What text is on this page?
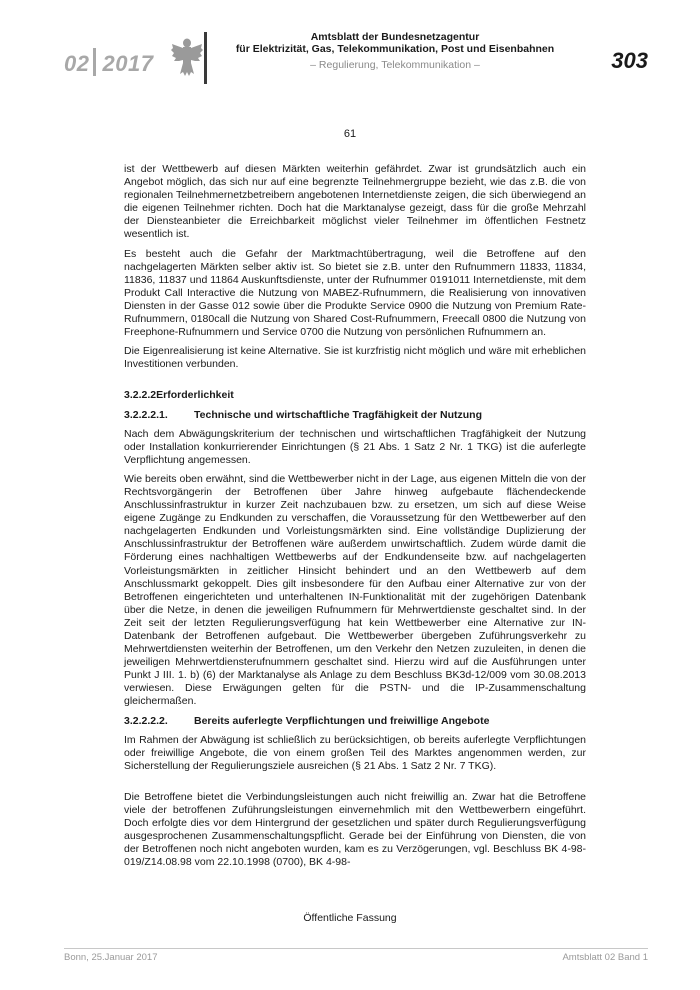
02 2017
Amtsblatt der Bundesnetzagentur
für Elektrizität, Gas, Telekommunikation, Post und Eisenbahnen
– Regulierung, Telekommunikation –	303
61

ist der Wettbewerb auf diesen Märkten weiterhin gefährdet. Zwar ist grundsätzlich auch ein Angebot möglich, das sich nur auf eine begrenzte Teilnehmergruppe bezieht, wie das z.B. die von regionalen Teilnehmernetzbetreibern angebotenen Internetdienste zeigen, die sich überwiegend an die eigenen Teilnehmer richten. Doch hat die Marktanalyse gezeigt, dass für die große Mehrzahl der Diensteanbieter die Erreichbarkeit möglichst vieler Teilnehmer im öffentlichen Festnetz wesentlich ist.

Es besteht auch die Gefahr der Marktmachtübertragung, weil die Betroffene auf den nachgelagerten Märkten selber aktiv ist. So bietet sie z.B. unter den Rufnummern 11833, 11834, 11836, 11837 und 11864 Auskunftsdienste, unter der Rufnummer 0191011 Internetdienste, mit dem Produkt Call Interactive die Nutzung von MABEZ-Rufnummern, die Realisierung von innovativen Diensten in der Gasse 012 sowie über die Produkte Service 0900 die Nutzung von Premium Rate-Rufnummern, 0180call die Nutzung von Shared Cost-Rufnummern, Freecall 0800 die Nutzung von Freephone-Rufnummern und Service 0700 die Nutzung von persönlichen Rufnummern an.

Die Eigenrealisierung ist keine Alternative. Sie ist kurzfristig nicht möglich und wäre mit erheblichen Investitionen verbunden.

3.2.2.2Erforderlichkeit
3.2.2.2.1. Technische und wirtschaftliche Tragfähigkeit der Nutzung

Nach dem Abwägungskriterium der technischen und wirtschaftlichen Tragfähigkeit der Nutzung oder Installation konkurrierender Einrichtungen (§ 21 Abs. 1 Satz 2 Nr. 1 TKG) ist die auferlegte Verpflichtung angemessen.

Wie bereits oben erwähnt, sind die Wettbewerber nicht in der Lage, aus eigenen Mitteln die von der Rechtsvorgängerin der Betroffenen über Jahre hinweg aufgebaute flächendeckende Anschlussinfrastruktur in kurzer Zeit nachzubauen bzw. zu ersetzen, um sich auf diese Weise eigene Zugänge zu Endkunden zu verschaffen, die Voraussetzung für den Wettbewerber auf den nachgelagerten Endkunden und Vorleistungsmärkten sind. Eine vollständige Duplizierung der Anschlussinfrastruktur der Betroffenen wäre außerdem unwirtschaftlich. Zudem würde damit die Förderung eines nachhaltigen Wettbewerbs auf der Endkundenseite bzw. auf nachgelagerten Vorleistungsmärkten in zeitlicher Hinsicht behindert und an den Wettbewerb auf dem Anschlussmarkt gekoppelt. Dies gilt insbesondere für den Aufbau einer Alternative zur von der Betroffenen eingerichteten und unterhaltenen IN-Funktionalität mit der zugehörigen Datenbank über die Netze, in denen die jeweiligen Rufnummern für Mehrwertdienste geschaltet sind. In der Zeit seit der letzten Regulierungsverfügung hat kein Wettbewerber eine Alternative zur IN-Datenbank der Betroffenen aufgebaut. Die Wettbewerber übergeben Zuführungsverkehr zu Mehrwertdiensten weiterhin der Betroffenen, um den Verkehr den Netzen zuzuleiten, in denen die jeweiligen Mehrwertdiensterufnummern geschaltet sind. Hierzu wird auf die Ausführungen unter Punkt J III. 1. b) (6) der Marktanalyse als Anlage zu dem Beschluss BK3d-12/009 vom 30.08.2013 verwiesen. Diese Erwägungen gelten für die PSTN- und die IP-Zusammenschaltung gleichermaßen.

3.2.2.2.2. Bereits auferlegte Verpflichtungen und freiwillige Angebote

Im Rahmen der Abwägung ist schließlich zu berücksichtigen, ob bereits auferlegte Verpflichtungen oder freiwillige Angebote, die von einem großen Teil des Marktes angenommen werden, zur Sicherstellung der Regulierungsziele ausreichen (§ 21 Abs. 1 Satz 2 Nr. 7 TKG).

Die Betroffene bietet die Verbindungsleistungen auch nicht freiwillig an. Zwar hat die Betroffene viele der betroffenen Zuführungsleistungen einvernehmlich mit den Wettbewerbern eingeführt. Doch erfolgte dies vor dem Hintergrund der gesetzlichen und später durch Regulierungsverfügung ausgesprochenen Zusammenschaltungspflicht. Gerade bei der Einführung von Diensten, die von der Betroffenen noch nicht angeboten wurden, kam es zu Verzögerungen, vgl. Beschluss BK 4-98-019/Z14.08.98 vom 22.10.1998 (0700), BK 4-98-

Öffentliche Fassung
Bonn, 25.Januar 2017	Amtsblatt 02 Band 1
